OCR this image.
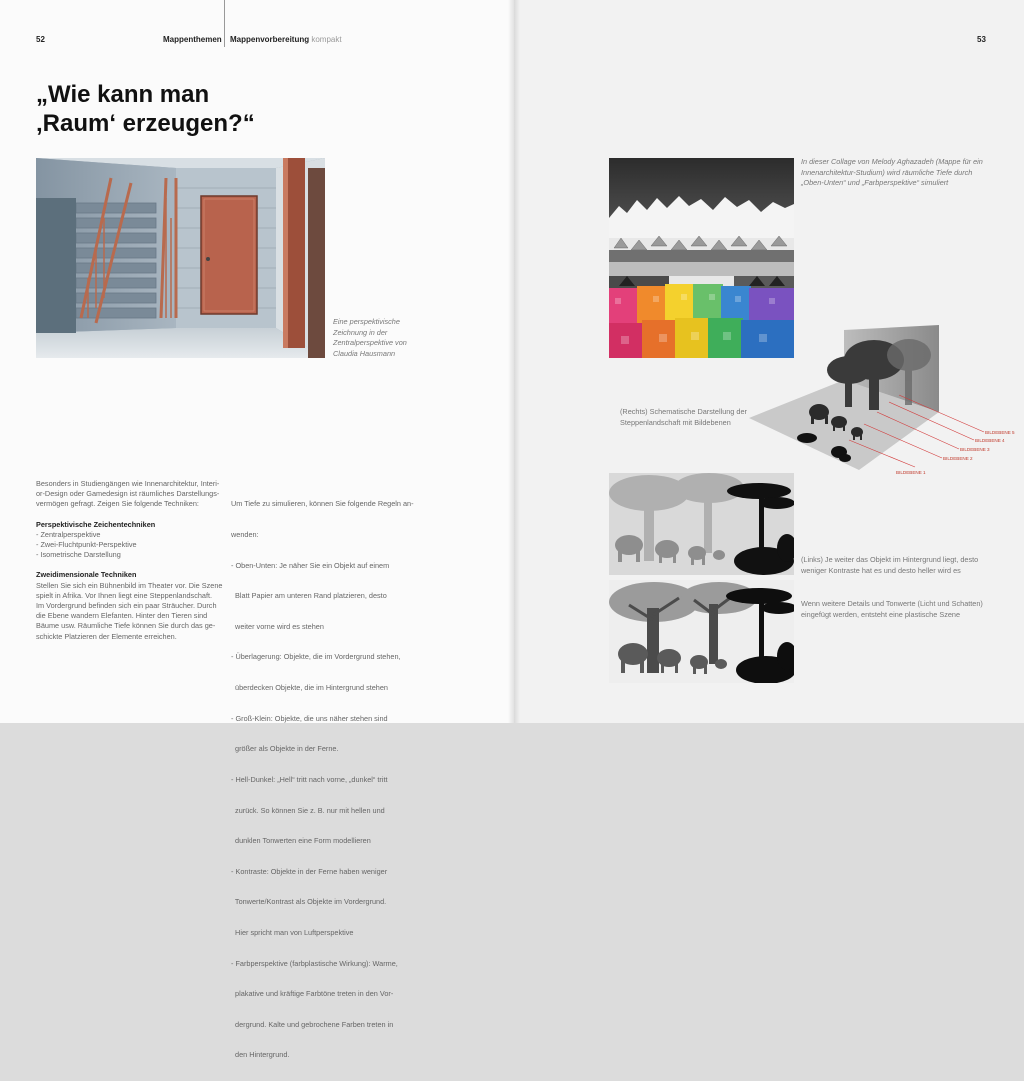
52	Mappenthemen Mappenvorbereitung kompakt
„Wie kann man
‚Raum‘ erzeugen?“
Eine perspektivische
Zeichnung in der
Zentralperspektive von
Claudia Hausmann

Besonders in Studiengängen wie Innenarchitektur, Interi-

or-Design oder Gamedesign ist räumliches Darstellungs-

vermögen gefragt. Zeigen Sie folgende Techniken:

Perspektivische Zeichentechniken

- Zentralperspektive
- Zwei-Fluchtpunkt-Perspektive
- Isometrische Darstellung

Zweidimensionale Techniken

Stellen Sie sich ein Bühnenbild im Theater vor. Die Szene

spielt in Afrika. Vor Ihnen liegt eine Steppenlandschaft.

Im Vordergrund befinden sich ein paar Sträucher. Durch

die Ebene wandern Elefanten. Hinter den Tieren sind

Bäume usw. Räumliche Tiefe können Sie durch das ge-

schickte Platzieren der Elemente erreichen.

Um Tiefe zu simulieren, können Sie folgende Regeln an-

wenden:

- Oben-Unten: Je näher Sie ein Objekt auf einem

Blatt Papier am unteren Rand platzieren, desto

weiter vorne wird es stehen

- Überlagerung: Objekte, die im Vordergrund stehen,

überdecken Objekte, die im Hintergrund stehen

- Groß-Klein: Objekte, die uns näher stehen sind

größer als Objekte in der Ferne.

- Hell-Dunkel: „Hell“ tritt nach vorne, „dunkel“ tritt

zurück. So können Sie z. B. nur mit hellen und

dunklen Tonwerten eine Form modellieren

- Kontraste: Objekte in der Ferne haben weniger

Tonwerte/Kontrast als Objekte im Vordergrund.

Hier spricht man von Luftperspektive

- Farbperspektive (farbplastische Wirkung): Warme,

plakative und kräftige Farbtöne treten in den Vor-

dergrund. Kalte und gebrochene Farben treten in

den Hintergrund.

53
In dieser Collage von Melody Aghazadeh (Mappe für ein
Innenarchitektur-Studium) wird räumliche Tiefe durch
„Oben-Unten“ und „Farbperspektive“ simuliert
BILDEBENE 5
BILDEBENE 4
BILDEBENE 3
BILDEBENE 2
BILDEBENE 1
(Rechts) Schematische Darstellung der
Steppenlandschaft mit Bildebenen
(Links) Je weiter das Objekt im Hintergrund liegt, desto
weniger Kontraste hat es und desto heller wird es
Wenn weitere Details und Tonwerte (Licht und Schatten)
eingefügt werden, entsteht eine plastische Szene
